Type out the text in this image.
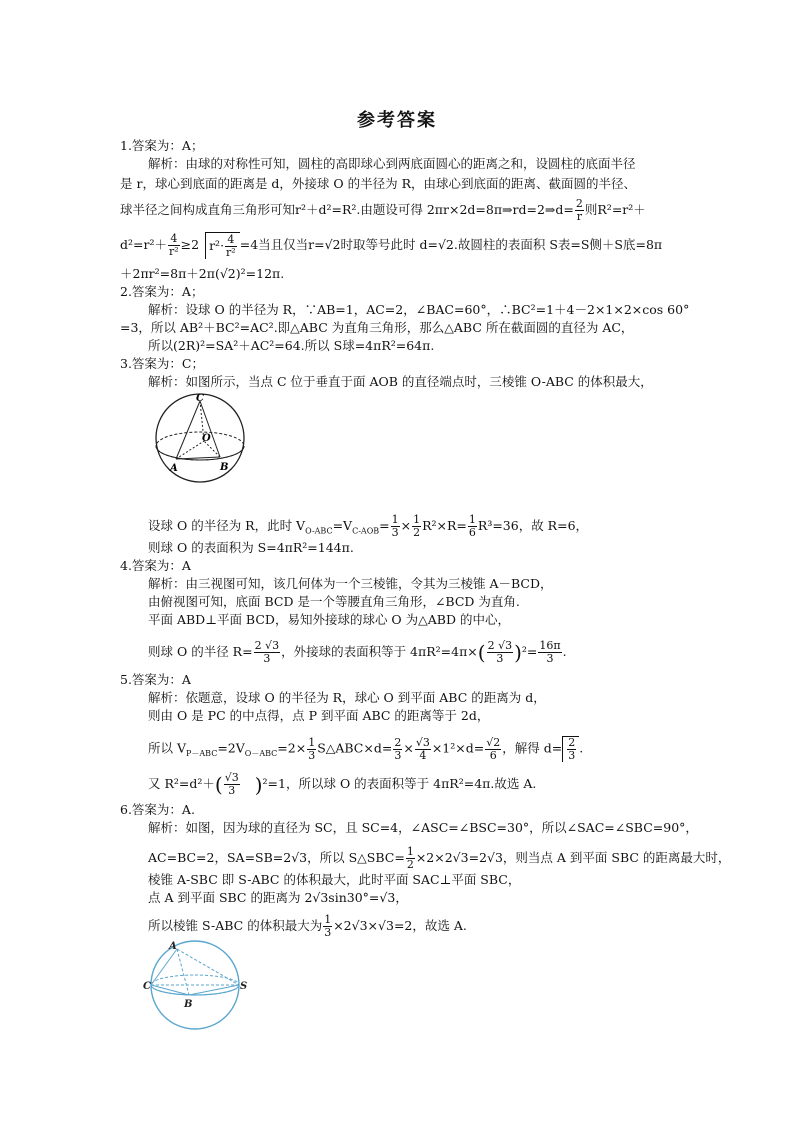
参考答案
1.答案为：A；
解析：由球的对称性可知，圆柱的高即球心到两底面圆心的距离之和，设圆柱的底面半径
是 r，球心到底面的距离是 d，外接球 O 的半径为 R，由球心到底面的距离、截面圆的半径、
球半径之间构成直角三角形可知r²＋d²=R².由题设可得 2πr×2d=8π⇒rd=2⇒d= $\frac{2}{r}$ 则R²=r²＋
$d^2=r^2+ \frac{4}{\text{r²}} \ge 2$ $r^2\cdot \frac{4}{\text{r²}} =4$当且仅当r=√2时取等号此时 d=√2.故圆柱的表面积 S表=S侧＋S底=8π
＋2πr²=8π＋2π(√2)²=12π.
2.答案为：A；
解析：设球 O 的半径为 R，∵AB=1，AC=2，∠BAC=60°，∴BC²=1＋4－2×1×2×cos 60°
=3，所以 AB²＋BC²=AC².即△ABC 为直角三角形，那么△ABC 所在截面圆的直径为 AC，
所以(2R)²=SA²＋AC²=64.所以 S球=4πR²=64π.
3.答案为：C；
解析：如图所示，当点 C 位于垂直于面 AOB 的直径端点时，三棱锥 O-ABC 的体积最大，
C
O
A	B
设球 O 的半径为 R，此时 $V_{O-ABC}=V_{C-AOB}= \frac{1}{3} \times \frac{1}{2} R^2\times R= \frac{1}{6} R^3=36$，故 R=6，
则球 O 的表面积为 S=4πR²=144π.
4.答案为：A
解析：由三视图可知，该几何体为一个三棱锥，令其为三棱锥 A－BCD，
由俯视图可知，底面 BCD 是一个等腰直角三角形，∠BCD 为直角.
平面 ABD⊥平面 BCD，易知外接球的球心 O 为△ABD 的中心，
则球 O 的半径 $R= \frac{2 √3}{3}$ ，外接球的表面积等于 $4\pi R^2=4\pi\times( \frac{2 √3}{3} )^2= \frac{16\pi}{3}$ .
5.答案为：A
解析：依题意，设球 O 的半径为 R，球心 O 到平面 ABC 的距离为 d，
则由 O 是 PC 的中点得，点 P 到平面 ABC 的距离等于 2d，
所以 $V_{P-ABC}=2V_{O-ABC}=2\times \frac{1}{3}$ S△ABC×d= $\frac{2}{3} \times \frac{√3}{4} \times 1^2\times d= \frac{√2}{6}$ ，解得 $d= \frac{2}{3}$ .
又 $R^2=d^2+( \frac{√3}{3} )^2=1$，所以球 O 的表面积等于 4πR²=4π.故选 A.
6.答案为：A.
解析：如图，因为球的直径为 SC，且 SC=4，∠ASC=∠BSC=30°，所以∠SAC=∠SBC=90°，
AC=BC=2，SA=SB=2√3，所以 S△SBC= $\frac{1}{2} \times 2\times 2√3=2√3$，则当点 A 到平面 SBC 的距离最大时，
棱锥 A-SBC 即 S-ABC 的体积最大，此时平面 SAC⊥平面 SBC，
点 A 到平面 SBC 的距离为 2√3sin30°=√3，
所以棱锥 S-ABC 的体积最大为 $\frac{1}{3} \times 2√3\times√3=2$，故选 A.
A
C
B
S
